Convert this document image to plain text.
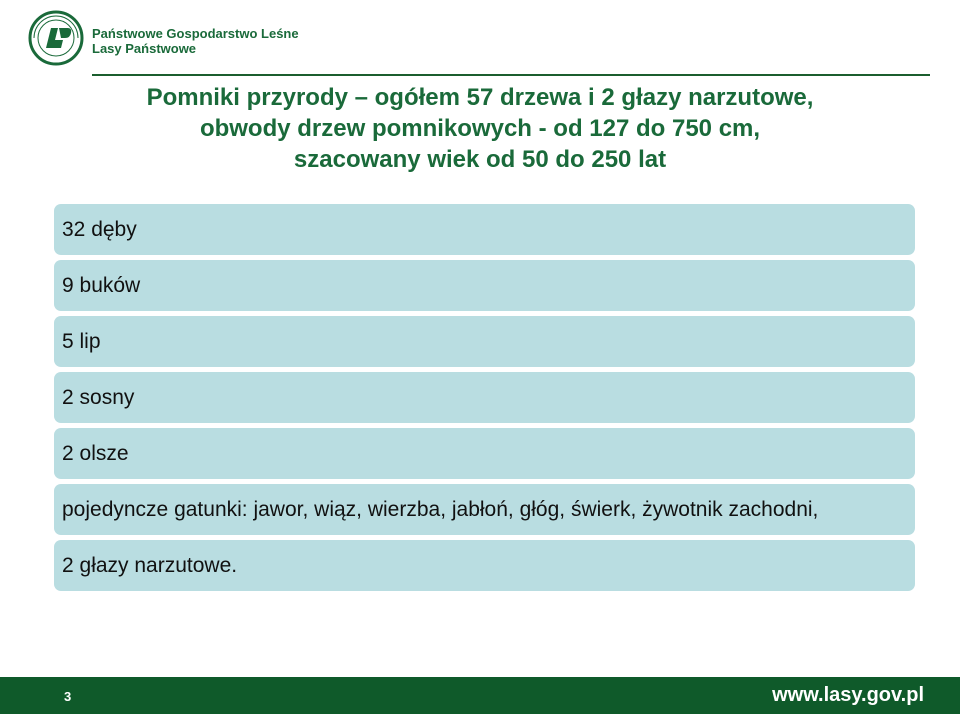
Państwowe Gospodarstwo Leśne
Lasy Państwowe
Pomniki przyrody – ogółem 57 drzewa i 2 głazy narzutowe,
obwody drzew pomnikowych - od 127 do 750 cm,
szacowany wiek od 50 do 250 lat
32 dęby
9 buków
5 lip
2 sosny
2 olsze
pojedyncze gatunki: jawor, wiąz, wierzba, jabłoń, głóg, świerk, żywotnik zachodni,
2 głazy narzutowe.
3	www.lasy.gov.pl
